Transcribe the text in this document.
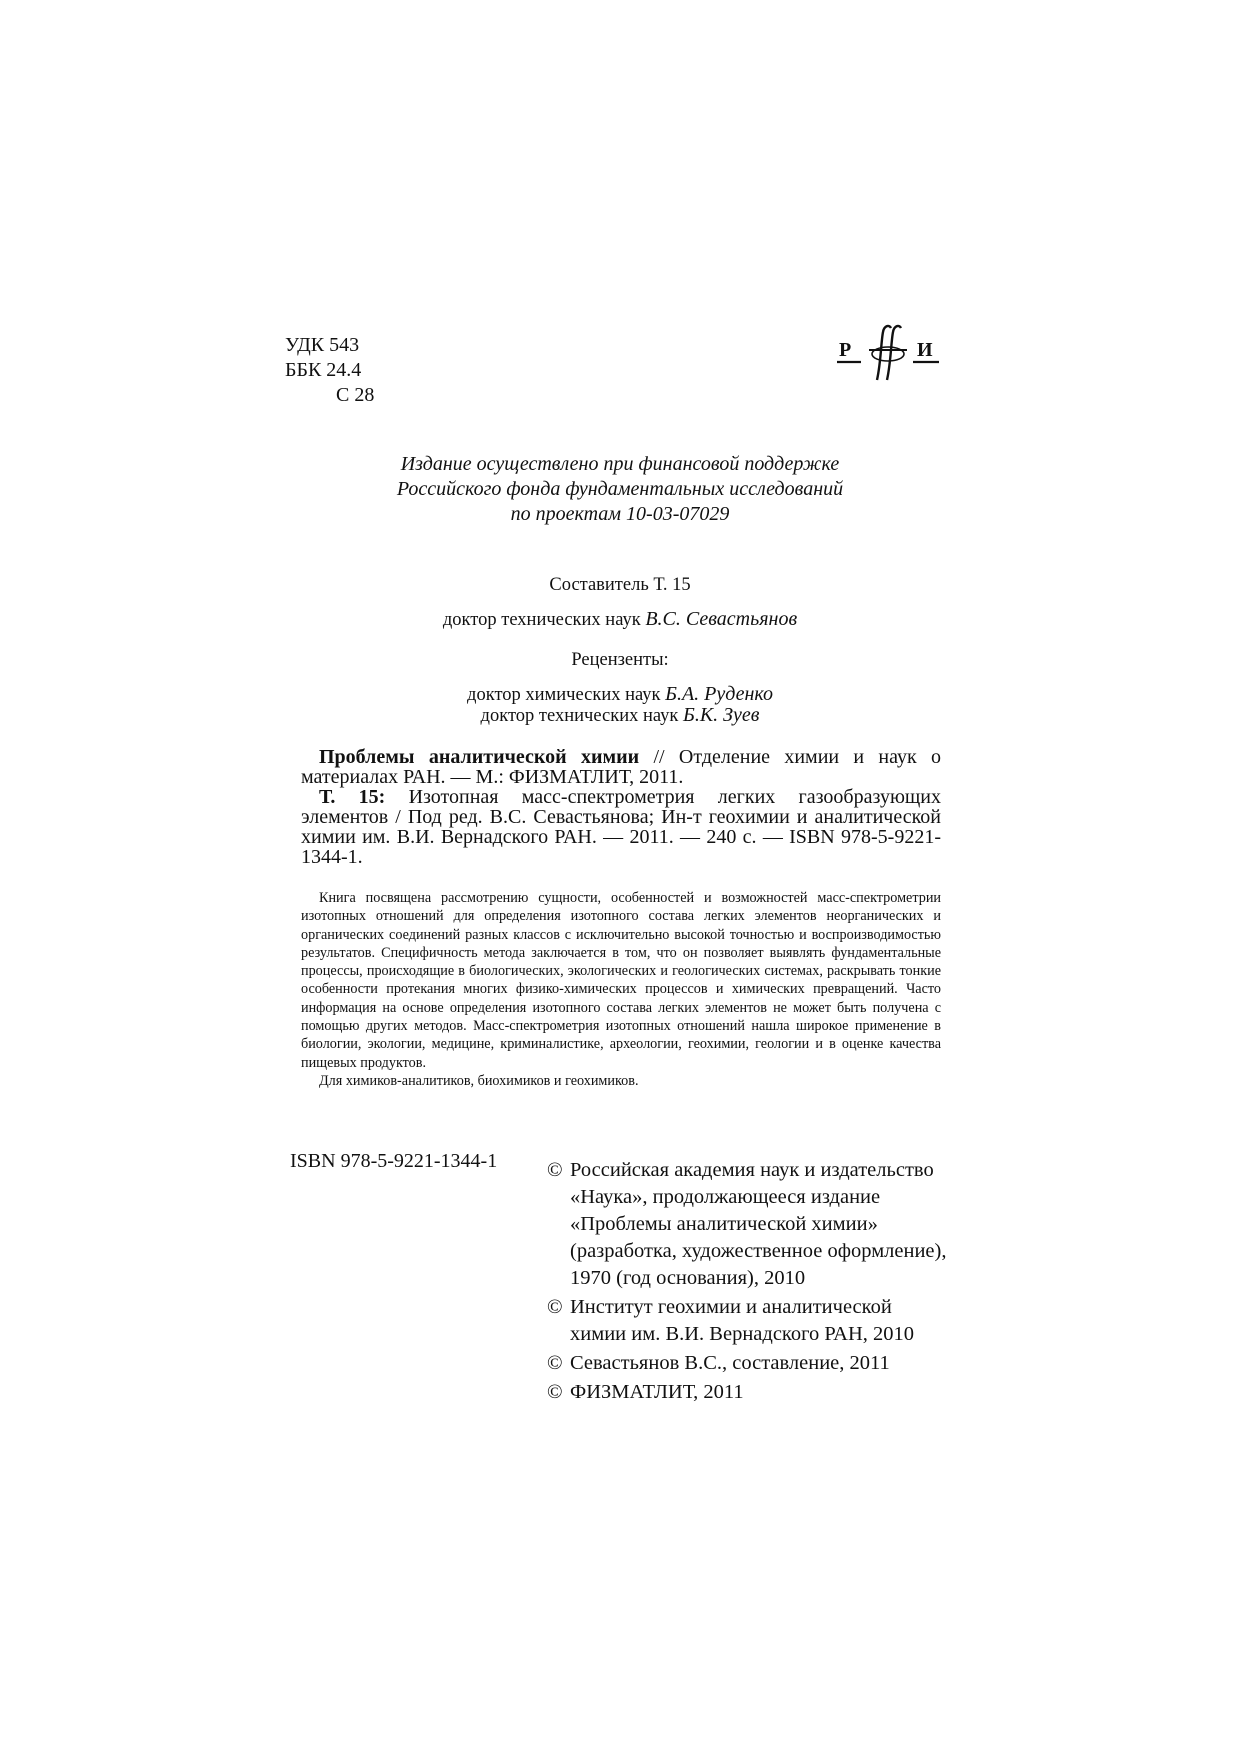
УДК 543
ББК 24.4
С 28
Р	И
Издание осуществлено при финансовой поддержке
Российского фонда фундаментальных исследований
по проектам 10-03-07029
Составитель Т. 15
доктор технических наук В.С. Севастьянов
Рецензенты:
доктор химических наук Б.А. Руденко
доктор технических наук Б.К. Зуев

Проблемы аналитической химии // Отделение химии и наук о материалах РАН. — М.: ФИЗМАТЛИТ, 2011.

Т. 15: Изотопная масс-спектрометрия легких газообразующих элементов / Под ред. В.С. Севастьянова; Ин-т геохимии и аналитической химии им. В.И. Вернадского РАН. — 2011. — 240 с. — ISBN 978-5-9221-1344-1.

Книга посвящена рассмотрению сущности, особенностей и возможностей масс-спектрометрии изотопных отношений для определения изотопного состава легких элементов неорганических и органических соединений разных классов с исключительно высокой точностью и воспроизводимостью результатов. Специфичность метода заключается в том, что он позволяет выявлять фундаментальные процессы, происходящие в биологических, экологических и геологических системах, раскрывать тонкие особенности протекания многих физико-химических процессов и химических превращений. Часто информация на основе определения изотопного состава легких элементов не может быть получена с помощью других методов. Масс-спектрометрия изотопных отношений нашла широкое применение в биологии, экологии, медицине, криминалистике, археологии, геохимии, геологии и в оценке качества пищевых продуктов.

Для химиков-аналитиков, биохимиков и геохимиков.

ISBN 978-5-9221-1344-1 © Российская академия наук и издательство «Наука», продолжающееся издание «Проблемы аналитической химии» (разработка, художественное оформление), 1970 (год основания), 2010
© Институт геохимии и аналитической химии им. В.И. Вернадского РАН, 2010
© Севастьянов В.С., составление, 2011
© ФИЗМАТЛИТ, 2011
